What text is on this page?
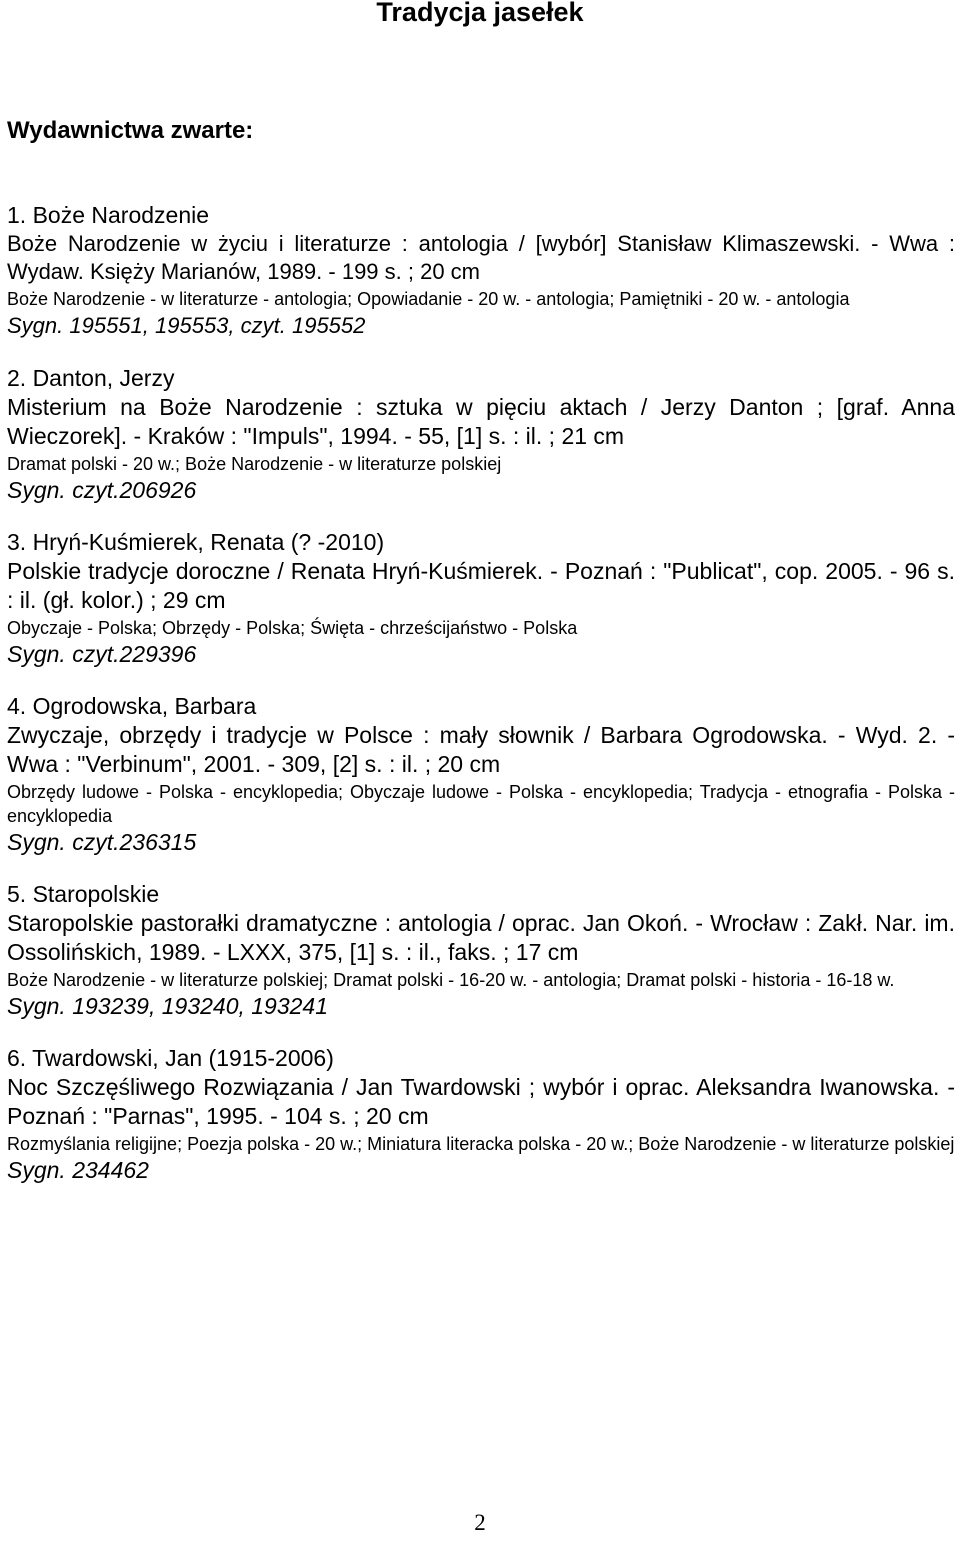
Tradycja jasełek
Wydawnictwa zwarte:

1. Boże Narodzenie

Boże Narodzenie w życiu i literaturze : antologia / [wybór] Stanisław Klimaszewski. - Wwa : Wydaw. Księży Marianów, 1989. - 199 s. ; 20 cm

Boże Narodzenie - w literaturze - antologia; Opowiadanie - 20 w. - antologia; Pamiętniki - 20 w. - antologia

Sygn. 195551, 195553, czyt. 195552

2. Danton, Jerzy

Misterium na Boże Narodzenie : sztuka w pięciu aktach / Jerzy Danton ; [graf. Anna Wieczorek]. - Kraków : "Impuls", 1994. - 55, [1] s. : il. ; 21 cm

Dramat polski - 20 w.; Boże Narodzenie - w literaturze polskiej

Sygn. czyt.206926

3. Hryń-Kuśmierek, Renata (? -2010)

Polskie tradycje doroczne / Renata Hryń-Kuśmierek. - Poznań : "Publicat", cop. 2005. - 96 s. : il. (gł. kolor.) ; 29 cm

Obyczaje - Polska; Obrzędy - Polska; Święta - chrześcijaństwo - Polska

Sygn. czyt.229396

4. Ogrodowska, Barbara

Zwyczaje, obrzędy i tradycje w Polsce : mały słownik / Barbara Ogrodowska. - Wyd. 2. - Wwa : "Verbinum", 2001. - 309, [2] s. : il. ; 20 cm

Obrzędy ludowe - Polska - encyklopedia; Obyczaje ludowe - Polska - encyklopedia; Tradycja - etnografia - Polska - encyklopedia

Sygn. czyt.236315

5. Staropolskie

Staropolskie pastorałki dramatyczne : antologia / oprac. Jan Okoń. - Wrocław : Zakł. Nar. im. Ossolińskich, 1989. - LXXX, 375, [1] s. : il., faks. ; 17 cm

Boże Narodzenie - w literaturze polskiej; Dramat polski - 16-20 w. - antologia; Dramat polski - historia - 16-18 w.

Sygn. 193239, 193240, 193241

6. Twardowski, Jan (1915-2006)

Noc Szczęśliwego Rozwiązania / Jan Twardowski ; wybór i oprac. Aleksandra Iwanowska. - Poznań : "Parnas", 1995. - 104 s. ; 20 cm

Rozmyślania religijne; Poezja polska - 20 w.; Miniatura literacka polska - 20 w.; Boże Narodzenie - w literaturze polskiej

Sygn. 234462

2
